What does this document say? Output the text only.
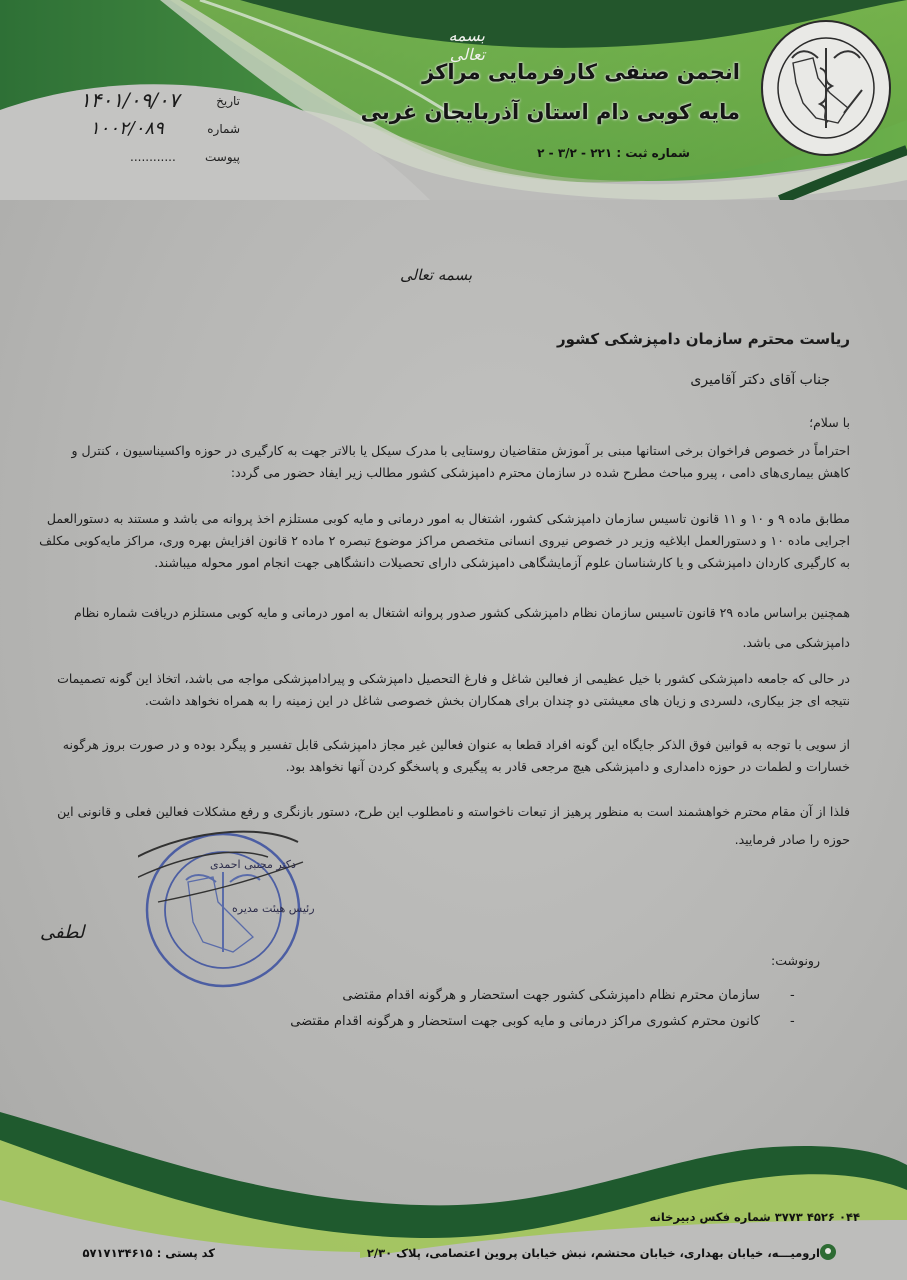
بسمه تعالی
انجمن صنفی کارفرمایی مراکز
مایه کوبی دام استان آذربایجان غربی
شماره ثبت : ۲۲۱ - ۳/۲ - ۲
۱۴۰۱/۰۹/۰۷	تاریخ
۱۰۰۲/۰۸۹	شماره
............ پیوست
بسمه تعالی
ریاست محترم سازمان دامپزشکی کشور
جناب آقای دکتر آقامیری
با سلام؛
احتراماً در خصوص فراخوان برخی استانها مبنی بر آموزش متقاضیان روستایی با مدرک سیکل یا بالاتر جهت به کارگیری در حوزه واکسیناسیون ، کنترل و کاهش بیماری‌های دامی ، پیرو مباحث مطرح شده در سازمان محترم دامپزشکی کشور مطالب زیر ایفاد حضور می گردد:
مطابق ماده ۹ و ۱۰ و ۱۱ قانون تاسیس سازمان دامپزشکی کشور، اشتغال به امور درمانی و مایه کوبی مستلزم اخذ پروانه می باشد و مستند به دستورالعمل اجرایی ماده ۱۰ و دستورالعمل ابلاغیه وزیر در خصوص نیروی انسانی متخصص مراکز موضوع تبصره ۲ ماده ۲ قانون افزایش بهره وری، مراکز مایه‌کوبی مکلف به کارگیری کاردان دامپزشکی و یا کارشناسان علوم آزمایشگاهی دامپزشکی دارای تحصیلات دانشگاهی جهت انجام امور محوله میباشند.
همچنین براساس ماده ۲۹ قانون تاسیس سازمان نظام دامپزشکی کشور صدور پروانه اشتغال به امور درمانی و مایه کوبی مستلزم دریافت شماره نظام دامپزشکی می باشد.
در حالی که جامعه دامپزشکی کشور با خیل عظیمی از فعالین شاغل و فارغ التحصیل دامپزشکی و پیرادامپزشکی مواجه می باشد، اتخاذ این گونه تصمیمات نتیجه ای جز بیکاری، دلسردی و زیان های معیشتی دو چندان برای همکاران بخش خصوصی شاغل در این زمینه را به همراه نخواهد داشت.
از سویی با توجه به قوانین فوق الذکر جایگاه این گونه افراد قطعا به عنوان فعالین غیر مجاز دامپزشکی قابل تفسیر و پیگرد بوده و در صورت بروز هرگونه خسارات و لطمات در حوزه دامداری و دامپزشکی هیچ مرجعی قادر به پیگیری و پاسخگو کردن آنها نخواهد بود.
فلذا از آن مقام محترم خواهشمند است به منظور پرهیز از تبعات ناخواسته و نامطلوب این طرح، دستور بازنگری و رفع مشکلات فعالین فعلی و قانونی این حوزه را صادر فرمایید.
دکتر مجتبی احمدی
رئیس هیئت مدیره
لطفی
رونوشت:
سازمان محترم نظام دامپزشکی کشور جهت استحضار و هرگونه اقدام مقتضی -
کانون محترم کشوری مراکز درمانی و مایه کوبی جهت استحضار و هرگونه اقدام مقتضی -
۰۴۴ ۴۵۲۶ ۳۷۷۳ شماره فکس دبیرخانه
ارومیـــه، خیابان بهداری، خیابان محتشم، نبش خیابان پروین اعتصامی، پلاک ۲/۳۰
کد پستی : ۵۷۱۷۱۳۴۶۱۵
